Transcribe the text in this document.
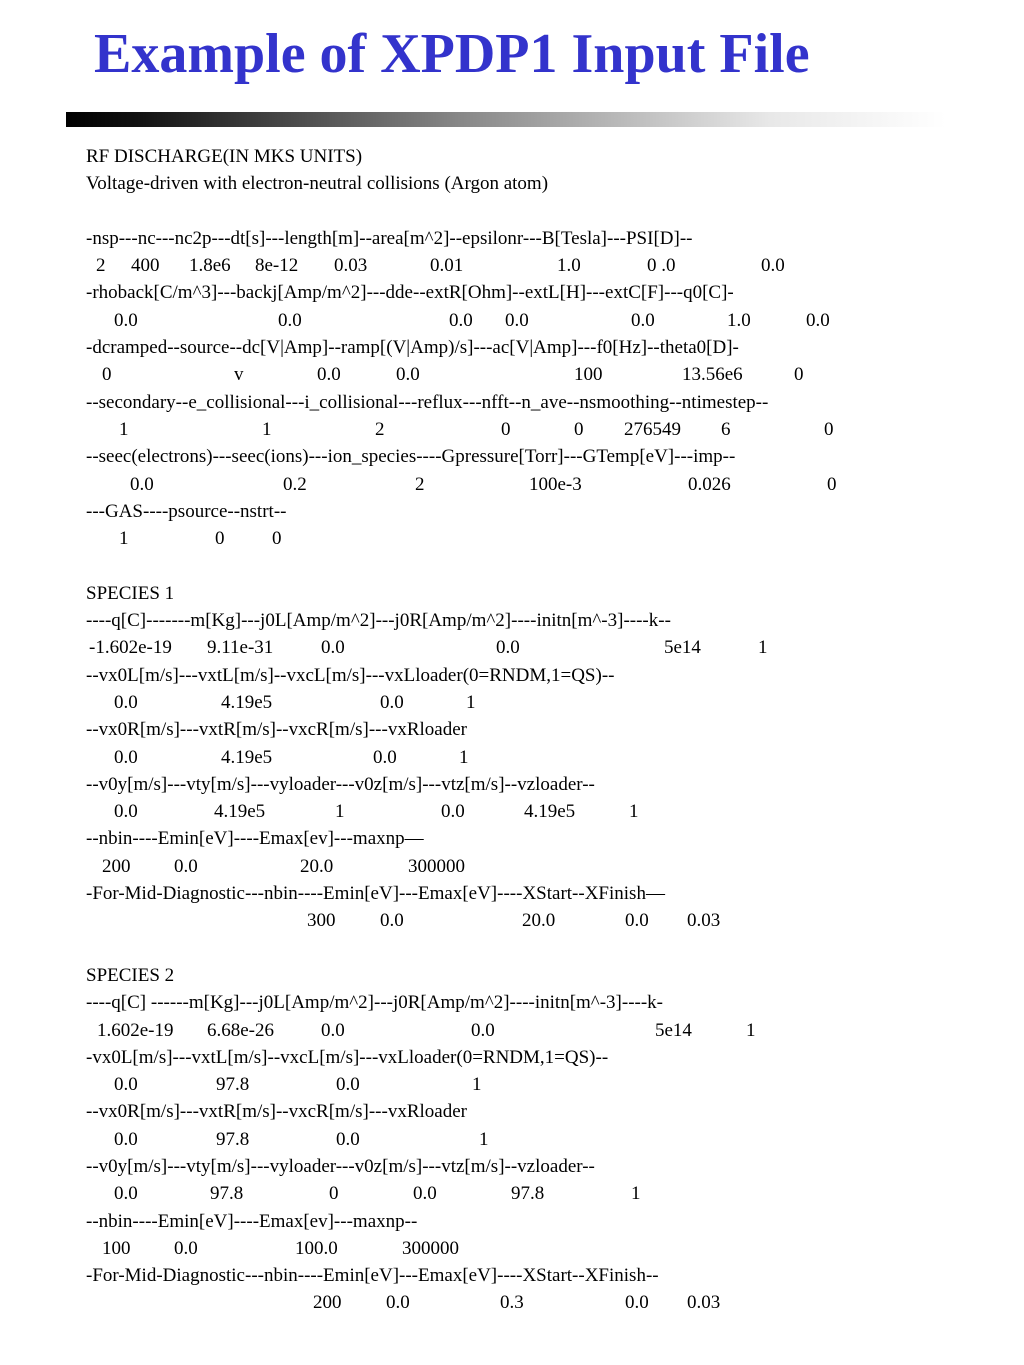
Example of XPDP1 Input File
RF DISCHARGE(IN MKS UNITS)
Voltage-driven with electron-neutral collisions (Argon atom)
-nsp---nc---nc2p---dt[s]---length[m]--area[m^2]--epsilonr---B[Tesla]---PSI[D]--
2 400 1.8e6 8e-12 0.03	0.01	1.0	0 .0	0.0
-rhoback[C/m^3]---backj[Amp/m^2]---dde--extR[Ohm]--extL[H]---extC[F]---q0[C]-
0.0	0.0	0.0 0.0	0.0	1.0	0.0
-dcramped--source--dc[V|Amp]--ramp[(V|Amp)/s]---ac[V|Amp]---f0[Hz]--theta0[D]-
0	v	0.0	0.0	100	13.56e6	0
--secondary--e_collisional---i_collisional---reflux---nfft--n_ave--nsmoothing--ntimestep--
1	1	2	0	0 276549 6	0
--seec(electrons)---seec(ions)---ion_species----Gpressure[Torr]---GTemp[eV]---imp--
0.0	0.2	2	100e-3	0.026	0
---GAS----psource--nstrt--
1	0	0
SPECIES 1
----q[C]-------m[Kg]---j0L[Amp/m^2]---j0R[Amp/m^2]----initn[m^-3]----k--
-1.602e-19 9.11e-31	0.0	0.0	5e14	1
--vx0L[m/s]---vxtL[m/s]--vxcL[m/s]---vxLloader(0=RNDM,1=QS)--
0.0	4.19e5	0.0	1
--vx0R[m/s]---vxtR[m/s]--vxcR[m/s]---vxRloader
0.0	4.19e5	0.0	1
--v0y[m/s]---vty[m/s]---vyloader---v0z[m/s]---vtz[m/s]--vzloader--
0.0	4.19e5	1	0.0	4.19e5	1
--nbin----Emin[eV]----Emax[ev]---maxnp—
200 0.0	20.0	300000
-For-Mid-Diagnostic---nbin----Emin[eV]---Emax[eV]----XStart--XFinish—
300 0.0	20.0	0.0 0.03
SPECIES 2
----q[C] ------m[Kg]---j0L[Amp/m^2]---j0R[Amp/m^2]----initn[m^-3]----k-
1.602e-19 6.68e-26 0.0	0.0	5e14	1
-vx0L[m/s]---vxtL[m/s]--vxcL[m/s]---vxLloader(0=RNDM,1=QS)--
0.0	97.8	0.0	1
--vx0R[m/s]---vxtR[m/s]--vxcR[m/s]---vxRloader
0.0	97.8	0.0	1
--v0y[m/s]---vty[m/s]---vyloader---v0z[m/s]---vtz[m/s]--vzloader--
0.0	97.8	0	0.0	97.8	1
--nbin----Emin[eV]----Emax[ev]---maxnp--
100 0.0	100.0	300000
-For-Mid-Diagnostic---nbin----Emin[eV]---Emax[eV]----XStart--XFinish--
200 0.0	0.3	0.0 0.03
